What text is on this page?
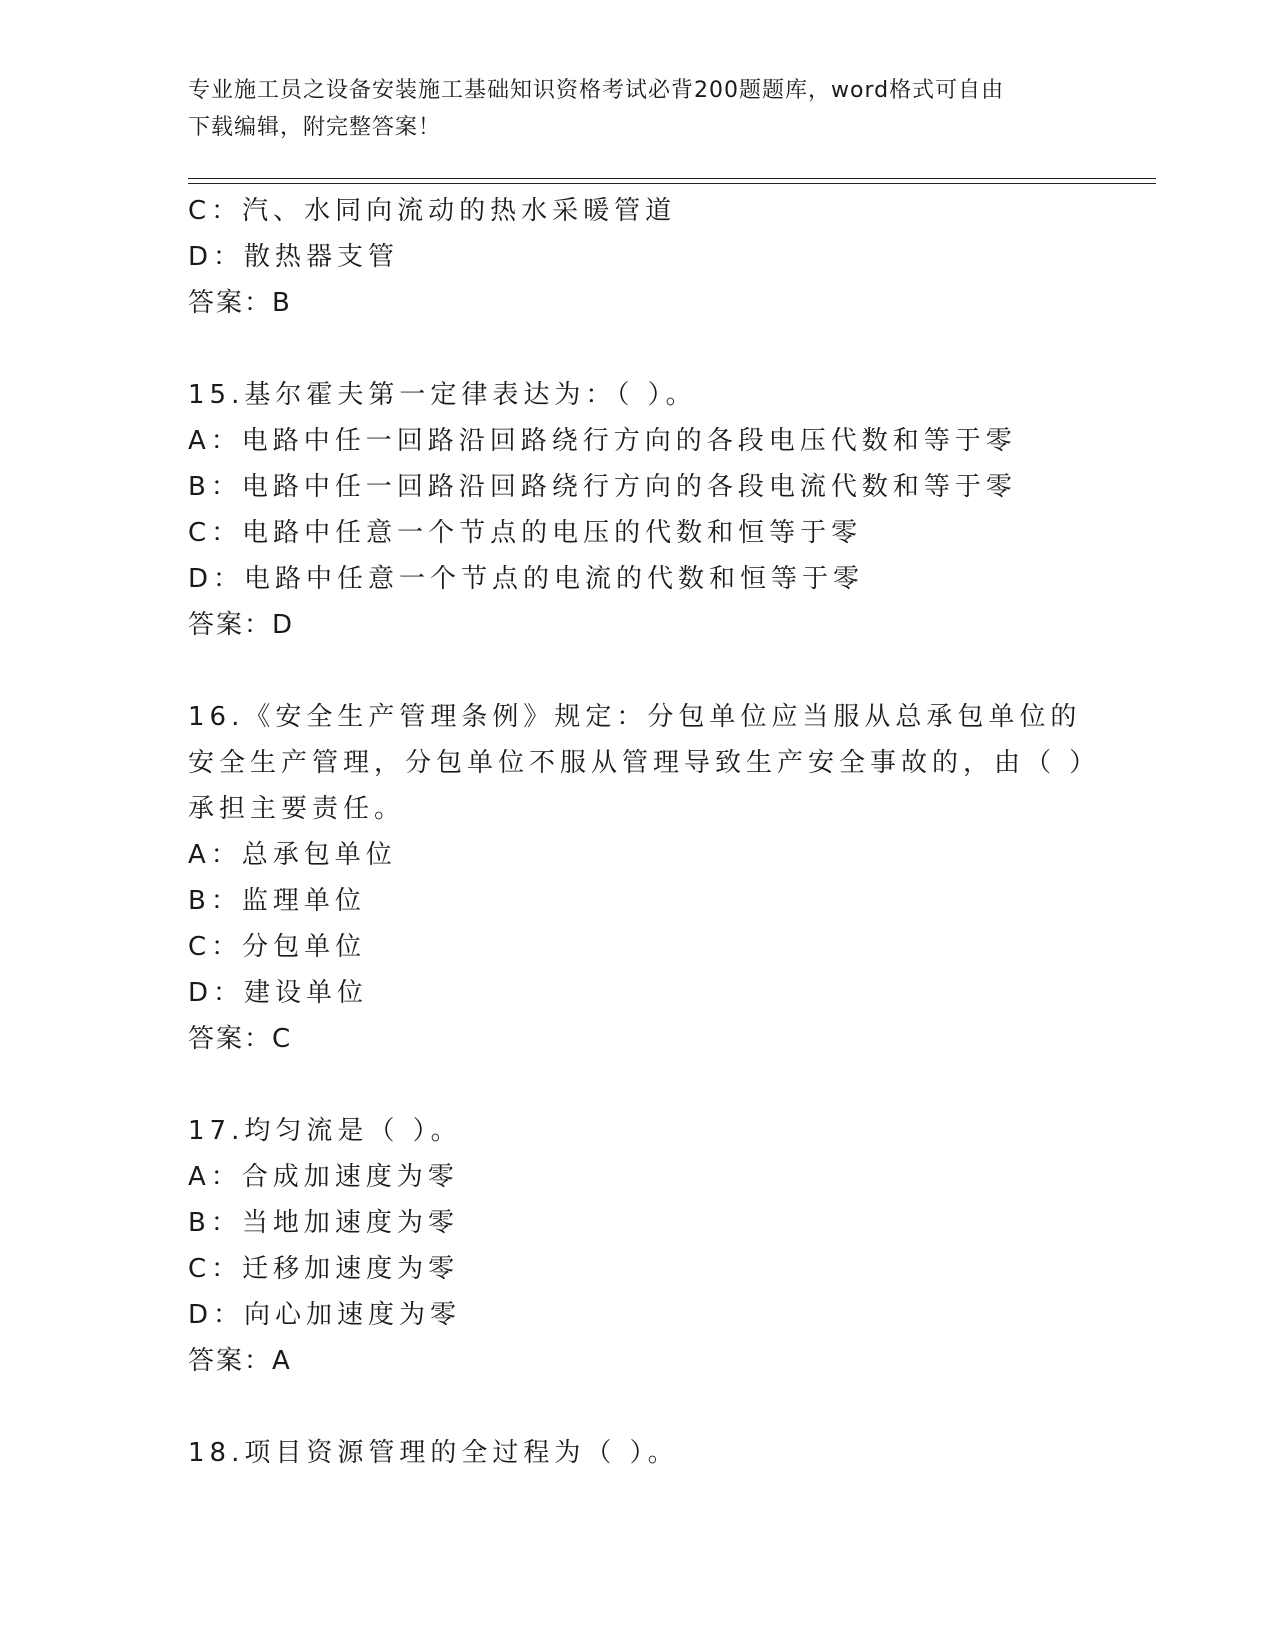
专业施工员之设备安装施工基础知识资格考试必背200题题库，word格式可自由
下载编辑，附完整答案！
C：汽、水同向流动的热水采暖管道
D：散热器支管
答案：B
15.基尔霍夫第一定律表达为：（ ）。
A：电路中任一回路沿回路绕行方向的各段电压代数和等于零
B：电路中任一回路沿回路绕行方向的各段电流代数和等于零
C：电路中任意一个节点的电压的代数和恒等于零
D：电路中任意一个节点的电流的代数和恒等于零
答案：D
16.《安全生产管理条例》规定：分包单位应当服从总承包单位的安全生产管理，分包单位不服从管理导致生产安全事故的，由（ ）承担主要责任。
A：总承包单位
B：监理单位
C：分包单位
D：建设单位
答案：C
17.均匀流是（ ）。
A：合成加速度为零
B：当地加速度为零
C：迁移加速度为零
D：向心加速度为零
答案：A
18.项目资源管理的全过程为（ ）。
